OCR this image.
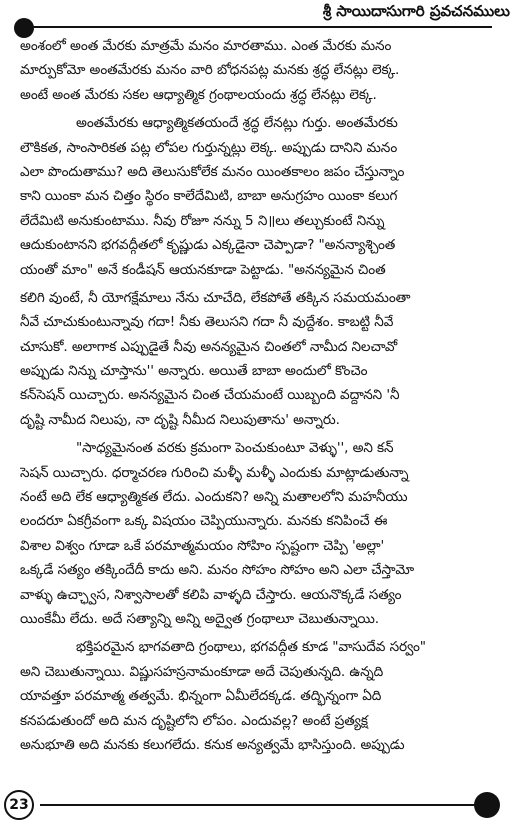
శ్రీ సాయిదాసుగారి ప్రవచనములు
అంశంలో అంత మేరకు మాత్రమే మనం మారతాము. ఎంత మేరకు మనం
మార్పుకోమో అంతమేరకు మనం వారి బోధనపట్ల మనకు శ్రద్ధ లేనట్లు లెక్క.
అంటే అంత మేరకు సకల ఆధ్యాత్మిక గ్రంథాలయందు శ్రద్ధ లేనట్లు లెక్క.
అంతమేరకు ఆధ్యాత్మికతయందే శ్రద్ధ లేనట్లు గుర్తు. అంతమేరకు
లౌకికత, సాంసారికత పట్ల లోపల గుర్తున్నట్లు లెక్క. అప్పుడు దానిని మనం
ఎలా పొందుతాము? అది తెలుసుకోలేక మనం యింతకాలం జపం చేస్తున్నాం
కాని యింకా మన చిత్తం స్థిరం కాలేదేమిటి, బాబా అనుగ్రహం యింకా కలుగ
లేదేమిటి అనుకుంటాము. నీవు రోజూ నన్ను 5 ని॥లు తల్చుకుంటే నిన్ను
ఆదుకుంటానని భగవద్గీతలో కృష్ణుడు ఎక్కడైనా చెప్పాడా? "అనన్యాశ్చింత
యంతో మాం" అనే కండీషన్ ఆయనకూడా పెట్టాడు. "అనన్యమైన చింత
కలిగి వుంటే, నీ యోగక్షేమాలు నేను చూచేది, లేకపోతే తక్కిన సమయమంతా
నీవే చూచుకుంటున్నావు గదా! నీకు తెలుసని గదా నీ వుద్దేశం. కాబట్టి నీవే
చూసుకో. అలాగాక ఎప్పుడైతే నీవు అనన్యమైన చింతలో నామీద నిలచావో
అప్పుడు నిన్ను చూస్తాను'' అన్నారు. అయితే బాబా అందులో కొంచెం
కన్‌సెషన్ యిచ్చారు. అనన్యమైన చింత చేయమంటే యిబ్బంది వద్దానని 'నీ
దృష్టి నామీద నిలుపు, నా దృష్టి నీమీద నిలుపుతాను' అన్నారు.
"సాధ్యమైనంత వరకు క్రమంగా పెంచుకుంటూ వెళ్ళు'', అని కన్
సెషన్ యిచ్చారు. ధర్మాచరణ గురించి మళ్ళీ మళ్ళీ ఎందుకు మాట్లాడుతున్నా
నంటే అది లేక ఆధ్యాత్మికత లేదు. ఎందుకని? అన్ని మతాలలోని మహనీయు
లందరూ ఏకగ్రీవంగా ఒక్క విషయం చెప్పియున్నారు. మనకు కనిపించే ఈ
విశాల విశ్వం గూడా ఒకే పరమాత్మమయం సోహిం స్పష్టంగా చెప్పి 'అల్లా'
ఒక్కడే సత్యం తక్కిందేదీ కాదు అని. మనం సోహం సోహం అని ఎలా చేస్తామో
వాళ్ళు ఉచ్ఛ్వాస, నిశ్వాసాలతో కలిపి వాళ్ళది చేస్తారు. ఆయనొక్కడే సత్యం
యింకేమీ లేదు. అదే సత్యాన్ని అన్ని అద్వైత గ్రంథాలూ చెబుతున్నాయి.
భక్తిపరమైన భాగవతాది గ్రంథాలు, భగవద్గీత కూడ "వాసుదేవ సర్వం"
అని చెబుతున్నాయి. విష్ణుసహస్రనామంకూడా అదే చెపుతున్నది. ఉన్నది
యావత్తూ పరమాత్మ తత్వమే. భిన్నంగా ఏమీలేదక్కడ. తద్భిన్నంగా ఏది
కనపడుతుందో అది మన దృష్టిలోని లోపం. ఎందువల్ల? అంటే ప్రత్యక్ష
అనుభూతి అది మనకు కలుగలేదు. కనుక అన్యత్వమే భాసిస్తుంది. అప్పుడు
23
